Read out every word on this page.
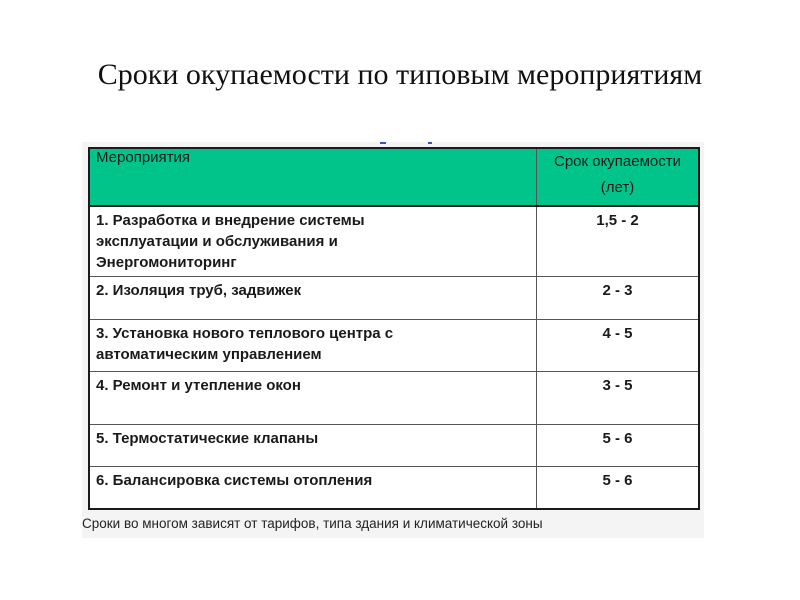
Сроки окупаемости по типовым мероприятиям
Мероприятия	Срок окупаемости
(лет)
1. Разработка и внедрение системы
эксплуатации и обслуживания и
Энергомониторинг	1,5 - 2
2. Изоляция труб, задвижек	2 - 3
3. Установка нового теплового центра с
автоматическим управлением	4 - 5
4. Ремонт и утепление окон	3 - 5
5. Термостатические клапаны	5 - 6
6. Балансировка системы отопления	5 - 6

Сроки во многом зависят от тарифов, типа здания и климатической зоны
